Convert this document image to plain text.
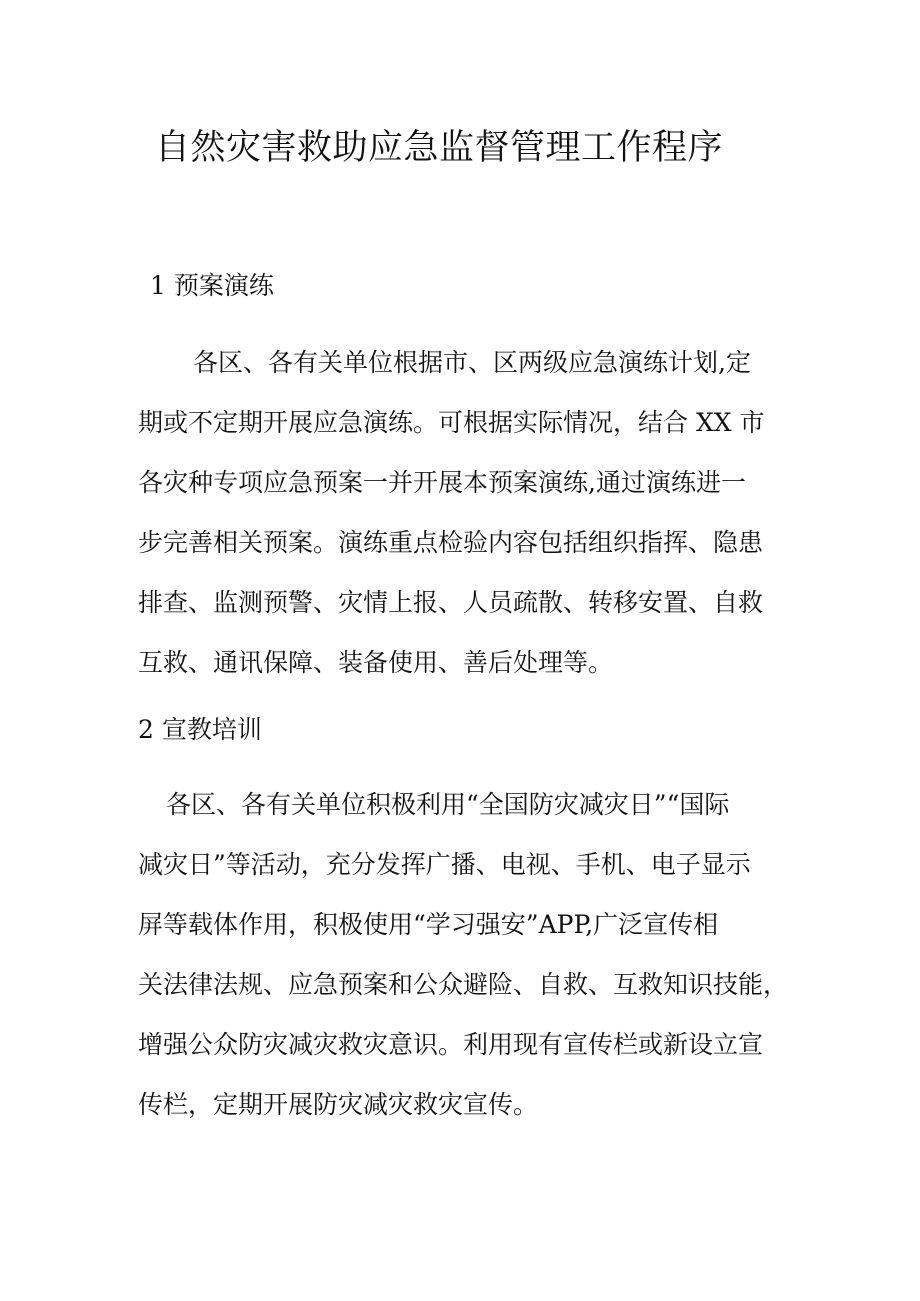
自然灾害救助应急监督管理工作程序
1 预案演练
各区、各有关单位根据市、区两级应急演练计划,定
期或不定期开展应急演练。可根据实际情况，结合 XX 市
各灾种专项应急预案一并开展本预案演练,通过演练进一
步完善相关预案。演练重点检验内容包括组织指挥、隐患
排查、监测预警、灾情上报、人员疏散、转移安置、自救
互救、通讯保障、装备使用、善后处理等。
2 宣教培训
各区、各有关单位积极利用“全国防灾减灾日”“国际
减灾日”等活动，充分发挥广播、电视、手机、电子显示
屏等载体作用，积极使用“学习强安”APP,广泛宣传相
关法律法规、应急预案和公众避险、自救、互救知识技能，
增强公众防灾减灾救灾意识。利用现有宣传栏或新设立宣
传栏，定期开展防灾减灾救灾宣传。
